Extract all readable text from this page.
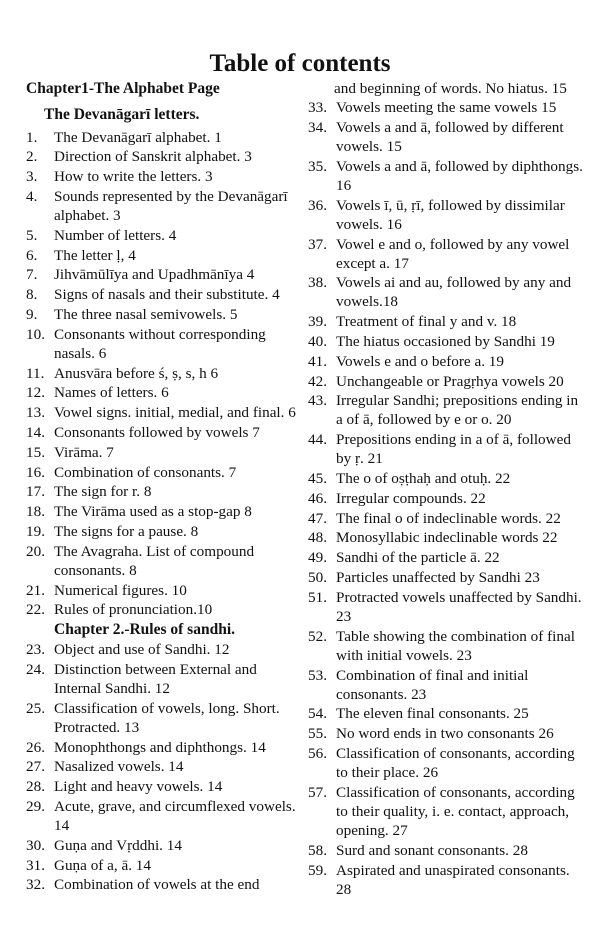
Table of contents
Chapter1-The Alphabet Page
The Devanāgarī letters.
1.	The Devanāgarī alphabet. 1
2.	Direction of Sanskrit alphabet. 3
3.	How to write the letters. 3
4.	Sounds represented by the Devanāgarī alphabet. 3
5.	Number of letters. 4
6.	The letter ḷ, 4
7.	Jihvāmūlīya and Upadhmānīya 4
8.	Signs of nasals and their substitute. 4
9.	The three nasal semivowels. 5
10. Consonants without corresponding nasals. 6
11. Anusvāra before ś, ṣ, s, h 6
12. Names of letters. 6
13. Vowel signs. initial, medial, and final. 6
14. Consonants followed by vowels 7
15. Virāma. 7
16. Combination of consonants. 7
17. The sign for r. 8
18. The Virāma used as a stop-gap 8
19. The signs for a pause. 8
20. The Avagraha. List of compound consonants. 8
21. Numerical figures. 10
22. Rules of pronunciation.10
Chapter 2.-Rules of sandhi.
23. Object and use of Sandhi. 12
24. Distinction between External and Internal Sandhi. 12
25. Classification of vowels, long. Short. Protracted. 13
26. Monophthongs and diphthongs. 14
27. Nasalized vowels. 14
28. Light and heavy vowels. 14
29. Acute, grave, and circumflexed vowels. 14
30. Guṇa and Vṛddhi. 14
31. Guṇa of a, ā. 14
32. Combination of vowels at the end
and beginning of words. No hiatus. 15
33. Vowels meeting the same vowels 15
34. Vowels a and ā, followed by different vowels. 15
35. Vowels a and ā, followed by diphthongs. 16
36. Vowels ī, ū, ṛī, followed by dissimilar vowels. 16
37. Vowel e and o, followed by any vowel except a. 17
38. Vowels ai and au, followed by any and vowels.18
39. Treatment of final y and v. 18
40. The hiatus occasioned by Sandhi 19
41. Vowels e and o before a. 19
42. Unchangeable or Pragṛhya vowels 20
43. Irregular Sandhi; prepositions ending in a of ā, followed by e or o. 20
44. Prepositions ending in a of ā, followed by ṛ. 21
45. The o of oṣṭhaḥ and otuḥ. 22
46. Irregular compounds. 22
47. The final o of indeclinable words. 22
48. Monosyllabic indeclinable words 22
49. Sandhi of the particle ā. 22
50. Particles unaffected by Sandhi 23
51. Protracted vowels unaffected by Sandhi. 23
52. Table showing the combination of final with initial vowels. 23
53. Combination of final and initial consonants. 23
54. The eleven final consonants. 25
55. No word ends in two consonants 26
56. Classification of consonants, according to their place. 26
57. Classification of consonants, according to their quality, i. e. contact, approach, opening. 27
58. Surd and sonant consonants. 28
59. Aspirated and unaspirated consonants. 28
